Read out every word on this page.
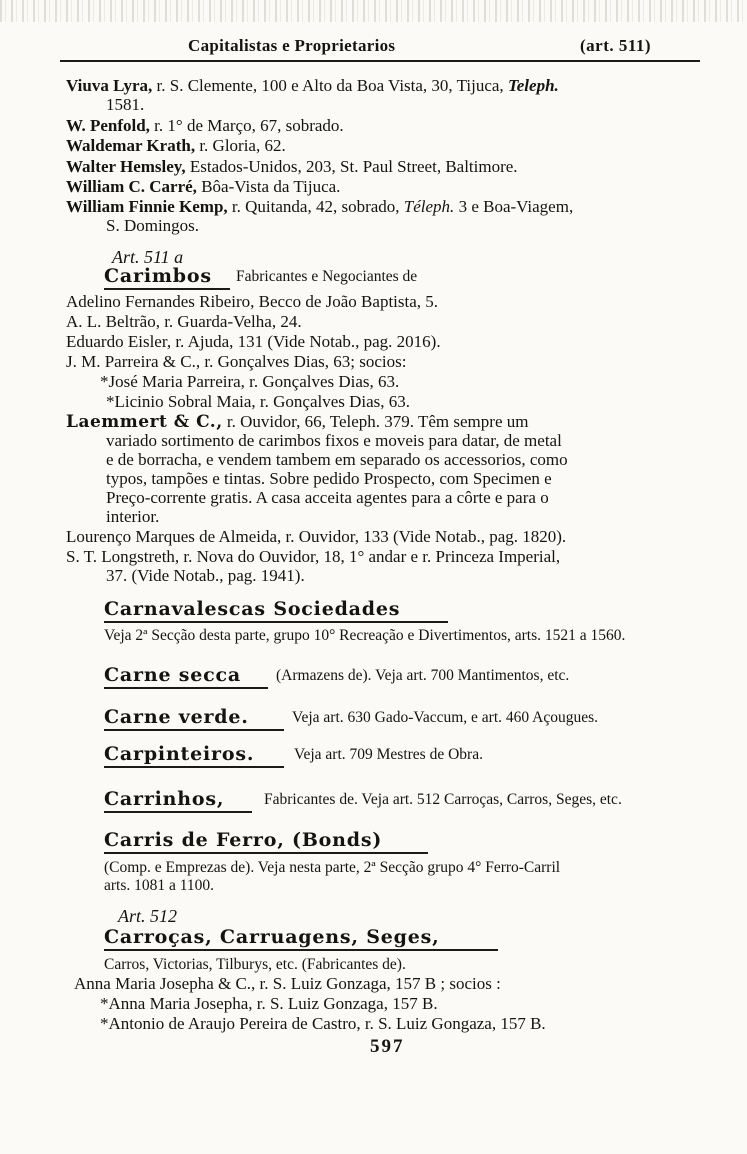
Capitalistas e Proprietarios	(art. 511)
Viuva Lyra, r. S. Clemente, 100 e Alto da Boa Vista, 30, Tijuca, Teleph.
1581.
W. Penfold, r. 1° de Março, 67, sobrado.
Waldemar Krath, r. Gloria, 62.
Walter Hemsley, Estados-Unidos, 203, St. Paul Street, Baltimore.
William C. Carré, Bôa-Vista da Tijuca.
William Finnie Kemp, r. Quitanda, 42, sobrado, Téleph. 3 e Boa-Viagem,
S. Domingos.
Art. 511 a
Carimbos Fabricantes e Negociantes de
Adelino Fernandes Ribeiro, Becco de João Baptista, 5.
A. L. Beltrão, r. Guarda-Velha, 24.
Eduardo Eisler, r. Ajuda, 131 (Vide Notab., pag. 2016).
J. M. Parreira & C., r. Gonçalves Dias, 63; socios:
*José Maria Parreira, r. Gonçalves Dias, 63.
*Licinio Sobral Maia, r. Gonçalves Dias, 63.
Laemmert & C., r. Ouvidor, 66, Teleph. 379. Têm sempre um
variado sortimento de carimbos fixos e moveis para datar, de metal
e de borracha, e vendem tambem em separado os accessorios, como
typos, tampões e tintas. Sobre pedido Prospecto, com Specimen e
Preço-corrente gratis. A casa acceita agentes para a côrte e para o
interior.
Lourenço Marques de Almeida, r. Ouvidor, 133 (Vide Notab., pag. 1820).
S. T. Longstreth, r. Nova do Ouvidor, 18, 1° andar e r. Princeza Imperial,
37. (Vide Notab., pag. 1941).
Carnavalescas Sociedades
Veja 2ª Secção desta parte, grupo 10° Recreação e Divertimentos, arts. 1521 a 1560.
Carne secca (Armazens de). Veja art. 700 Mantimentos, etc.
Carne verde.	Veja art. 630 Gado-Vaccum, e art. 460 Açougues.
Carpinteiros.	Veja art. 709 Mestres de Obra.
Carrinhos,	Fabricantes de. Veja art. 512 Carroças, Carros, Seges, etc.
Carris de Ferro, (Bonds)
(Comp. e Emprezas de). Veja nesta parte, 2ª Secção grupo 4° Ferro-Carril
arts. 1081 a 1100.
Art. 512
Carroças, Carruagens, Seges,
Carros, Victorias, Tilburys, etc. (Fabricantes de).
Anna Maria Josepha & C., r. S. Luiz Gonzaga, 157 B ; socios :
*Anna Maria Josepha, r. S. Luiz Gonzaga, 157 B.
*Antonio de Araujo Pereira de Castro, r. S. Luiz Gongaza, 157 B.
597
